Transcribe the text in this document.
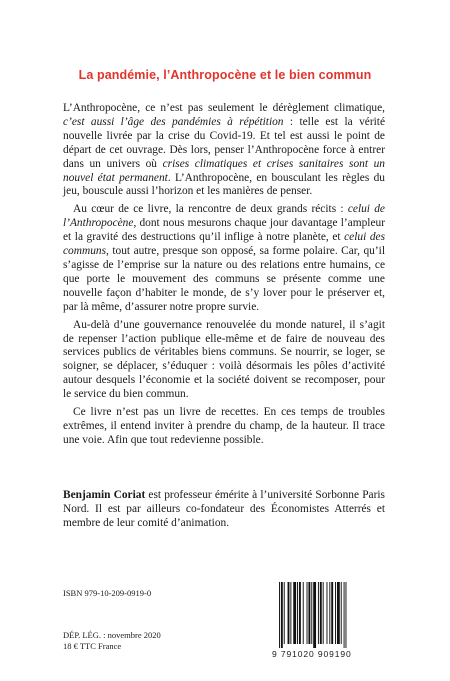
La pandémie, l’Anthropocène et le bien commun

L’Anthropocène, ce n’est pas seulement le dérèglement climatique, c’est aussi l’âge des pandémies à répétition : telle est la vérité nouvelle livrée par la crise du Covid-19. Et tel est aussi le point de départ de cet ouvrage. Dès lors, penser l’Anthropocène force à entrer dans un univers où crises climatiques et crises sanitaires sont un nouvel état permanent. L’Anthropocène, en bousculant les règles du jeu, bouscule aussi l’horizon et les manières de penser.

Au cœur de ce livre, la rencontre de deux grands récits : celui de l’Anthropocène, dont nous mesurons chaque jour davantage l’ampleur et la gravité des destructions qu’il inflige à notre planète, et celui des communs, tout autre, presque son opposé, sa forme polaire. Car, qu’il s’agisse de l’emprise sur la nature ou des relations entre humains, ce que porte le mouvement des communs se présente comme une nouvelle façon d’habiter le monde, de s’y lover pour le préserver et, par là même, d’assurer notre propre survie.

Au-delà d’une gouvernance renouvelée du monde naturel, il s’agit de repenser l’action publique elle-même et de faire de nouveau des services publics de véritables biens communs. Se nourrir, se loger, se soigner, se déplacer, s’éduquer : voilà désormais les pôles d’activité autour desquels l’économie et la société doivent se recomposer, pour le service du bien commun.

Ce livre n’est pas un livre de recettes. En ces temps de troubles extrêmes, il entend inviter à prendre du champ, de la hauteur. Il trace une voie. Afin que tout redevienne possible.

Benjamin Coriat est professeur émérite à l’université Sorbonne Paris Nord. Il est par ailleurs co-fondateur des Économistes Atterrés et membre de leur comité d’animation.
ISBN 979-10-209-0919-0
DÉP. LÉG. : novembre 2020
18 € TTC France
9 791020 909190
